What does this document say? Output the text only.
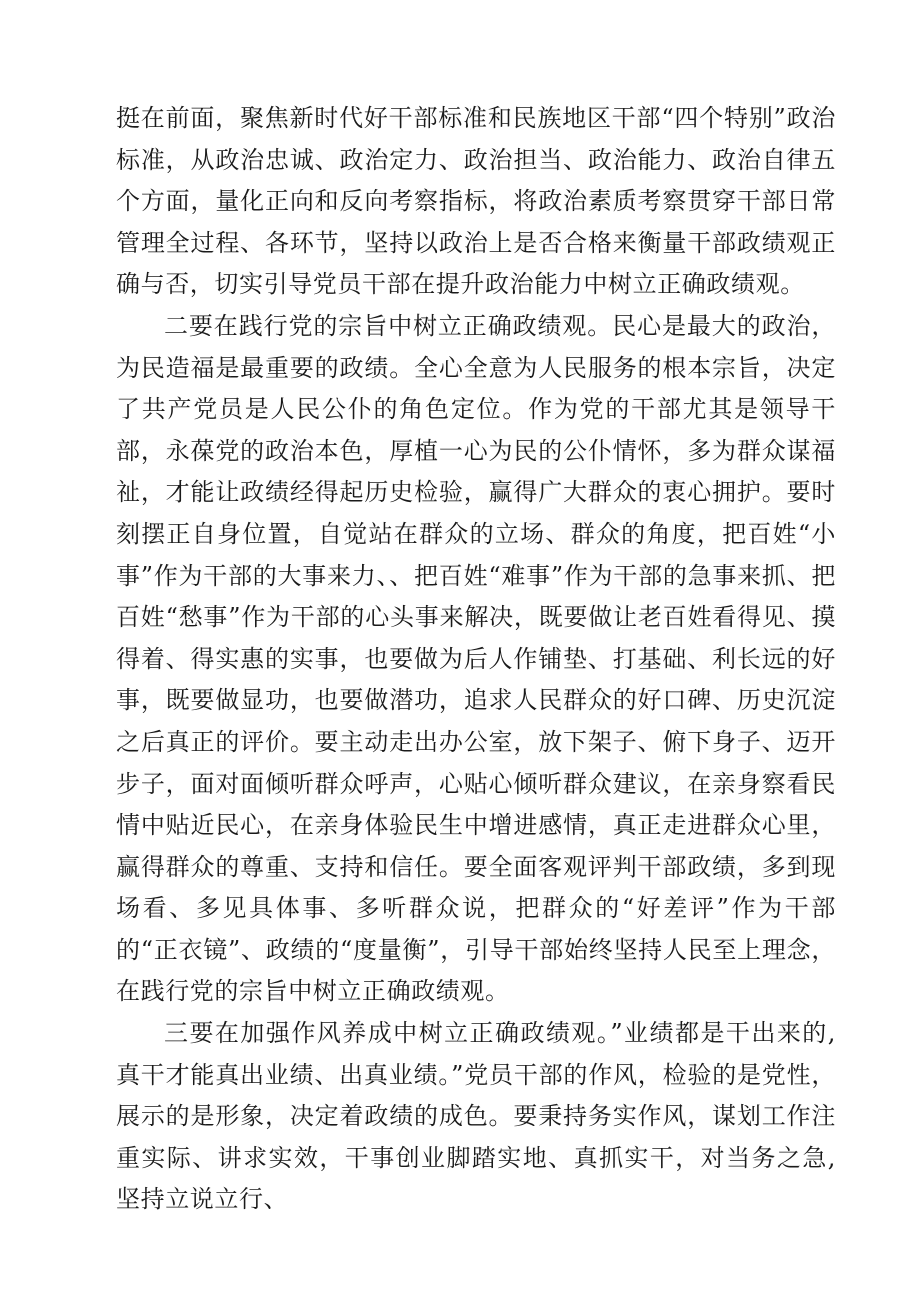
挺在前面，聚焦新时代好干部标准和民族地区干部“四个特别”政治标准，从政治忠诚、政治定力、政治担当、政治能力、政治自律五个方面，量化正向和反向考察指标，将政治素质考察贯穿干部日常管理全过程、各环节，坚持以政治上是否合格来衡量干部政绩观正确与否，切实引导党员干部在提升政治能力中树立正确政绩观。

二要在践行党的宗旨中树立正确政绩观。民心是最大的政治，为民造福是最重要的政绩。全心全意为人民服务的根本宗旨，决定了共产党员是人民公仆的角色定位。作为党的干部尤其是领导干部，永葆党的政治本色，厚植一心为民的公仆情怀，多为群众谋福祉，才能让政绩经得起历史检验，赢得广大群众的衷心拥护。要时刻摆正自身位置，自觉站在群众的立场、群众的角度，把百姓“小事”作为干部的大事来力、、把百姓“难事”作为干部的急事来抓、把百姓“愁事”作为干部的心头事来解决，既要做让老百姓看得见、摸得着、得实惠的实事，也要做为后人作铺垫、打基础、利长远的好事，既要做显功，也要做潜功，追求人民群众的好口碑、历史沉淀之后真正的评价。要主动走出办公室，放下架子、俯下身子、迈开步子，面对面倾听群众呼声，心贴心倾听群众建议，在亲身察看民情中贴近民心，在亲身体验民生中增进感情，真正走进群众心里，赢得群众的尊重、支持和信任。要全面客观评判干部政绩，多到现场看、多见具体事、多听群众说，把群众的“好差评”作为干部的“正衣镜”、政绩的“度量衡”，引导干部始终坚持人民至上理念，在践行党的宗旨中树立正确政绩观。

三要在加强作风养成中树立正确政绩观。”业绩都是干出来的,真干才能真出业绩、出真业绩。”党员干部的作风，检验的是党性，展示的是形象，决定着政绩的成色。要秉持务实作风，谋划工作注重实际、讲求实效，干事创业脚踏实地、真抓实干，对当务之急,坚持立说立行、
